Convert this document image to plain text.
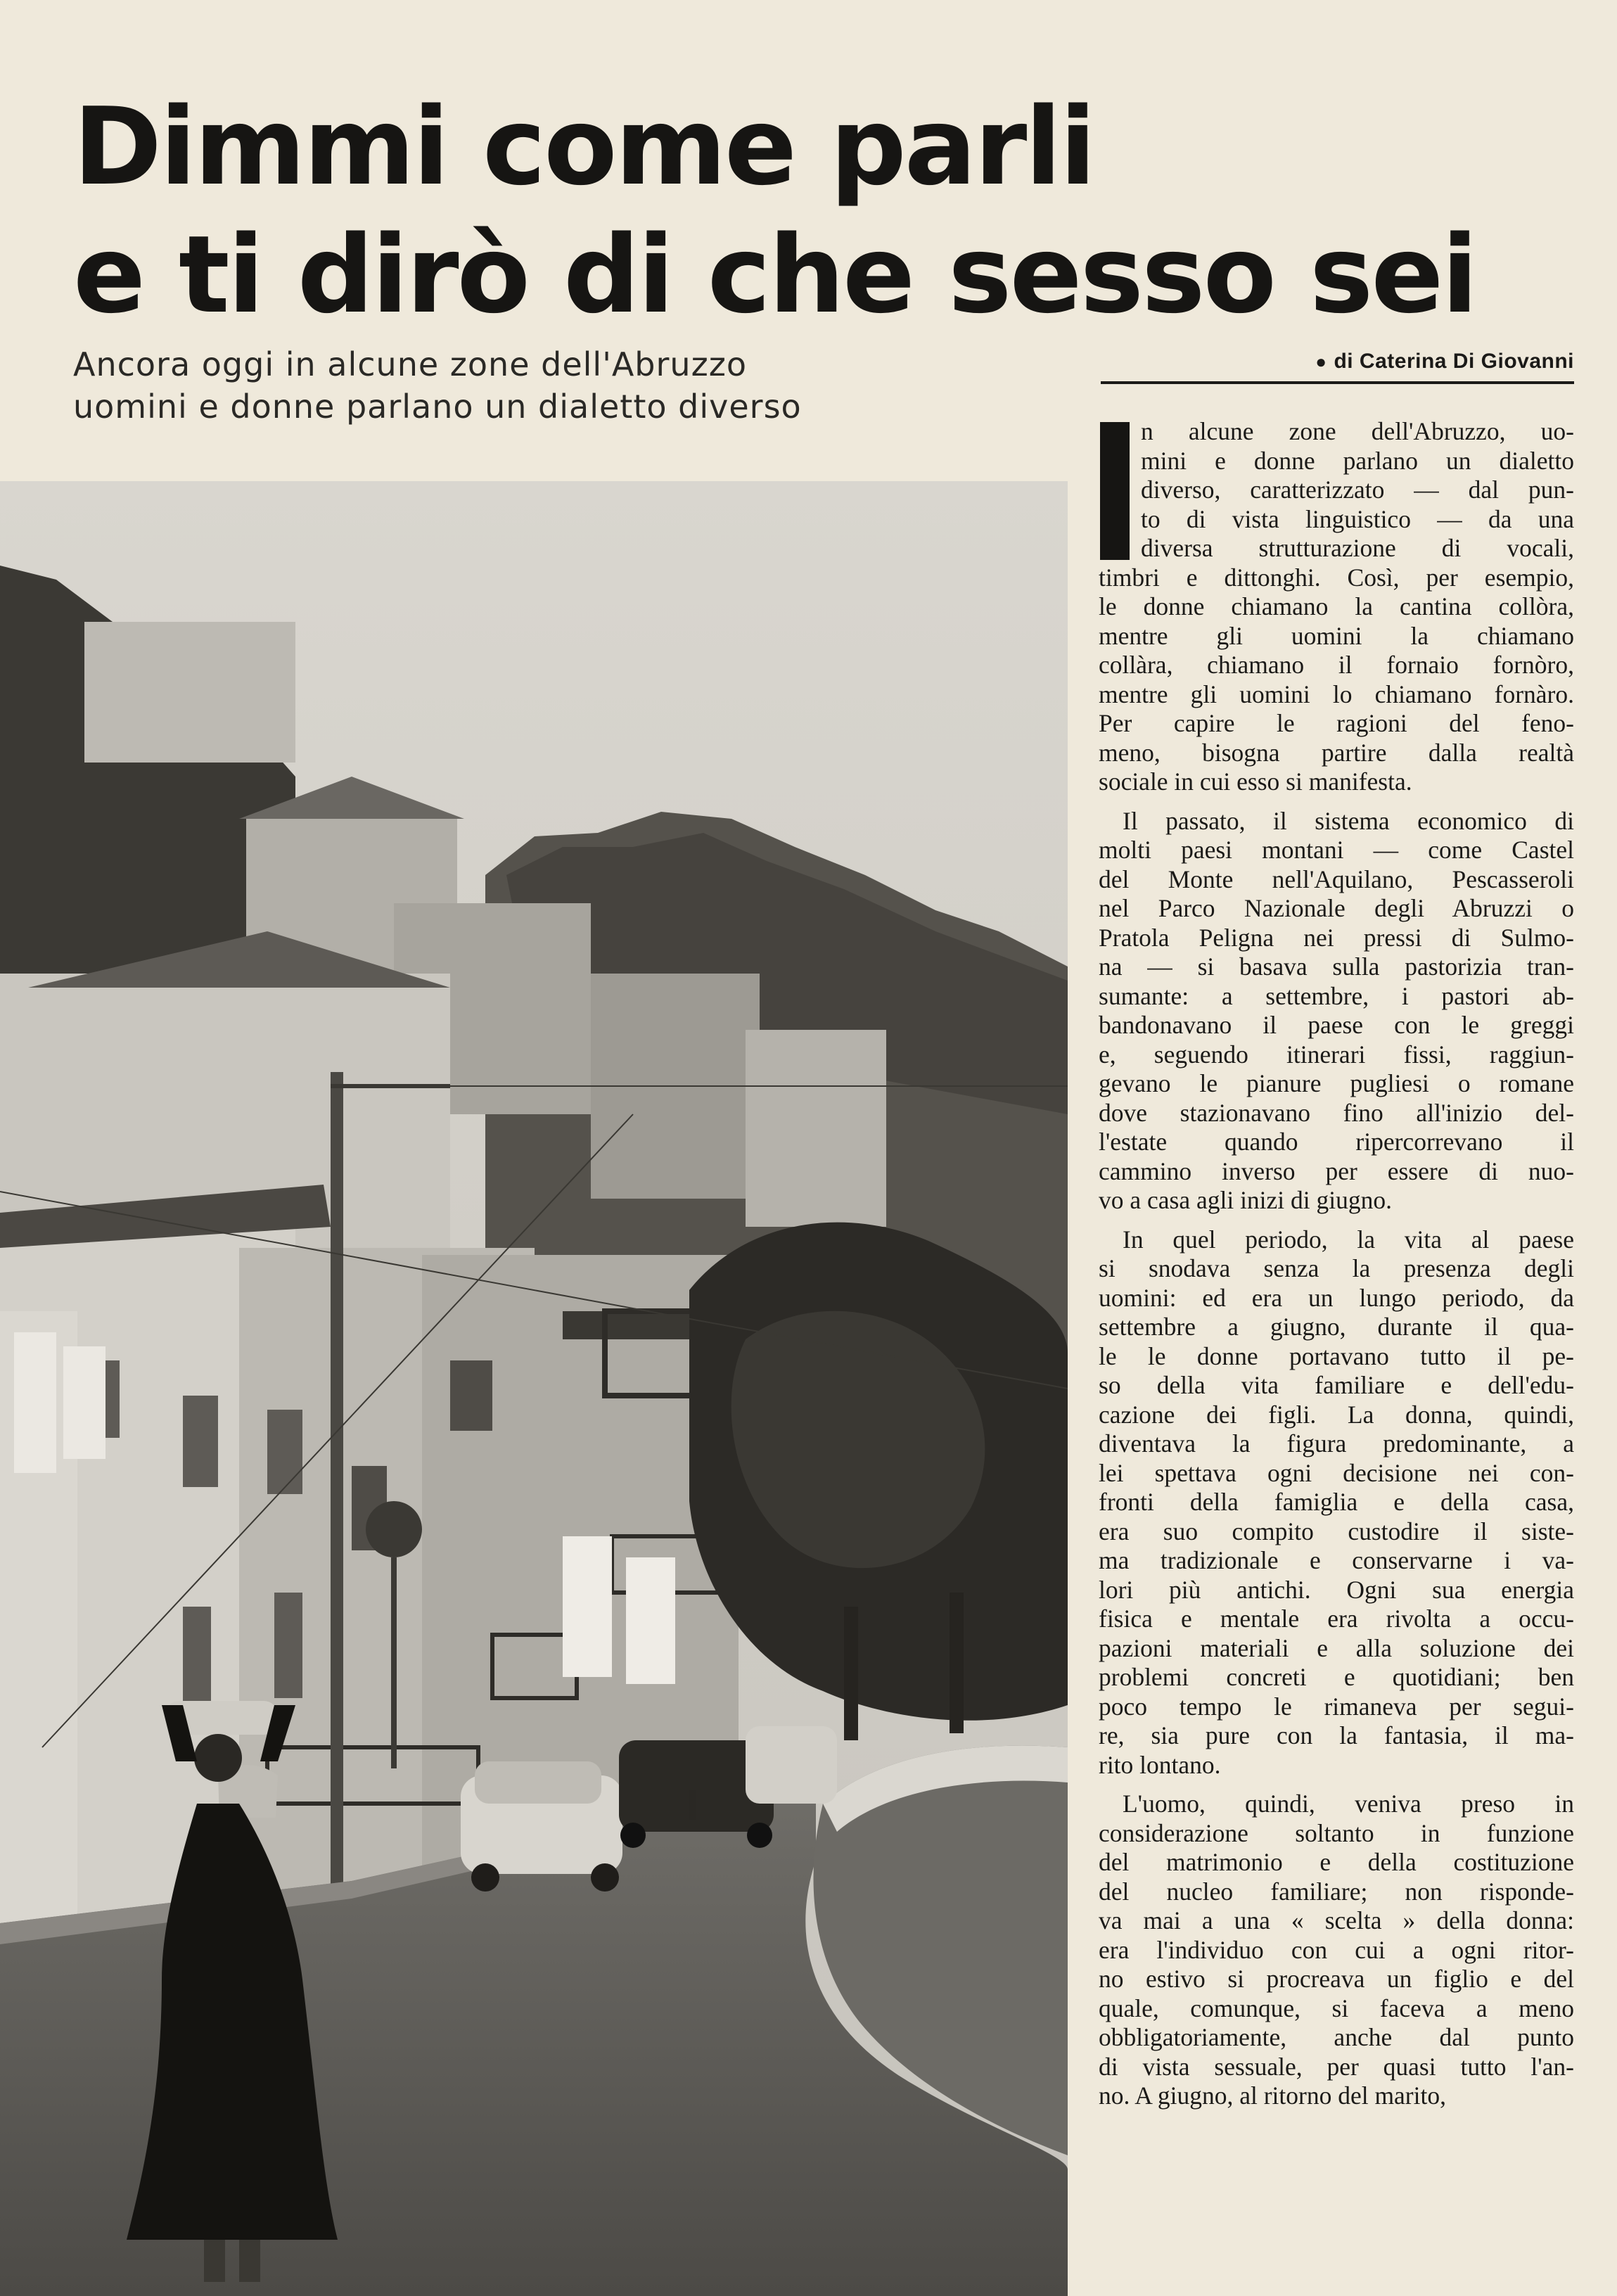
Dimmi come parli
e ti dirò di che sesso sei

Ancora oggi in alcune zone dell'Abruzzo
uomini e donne parlano un dialetto diverso

● di Caterina Di Giovanni

n alcune zone dell'Abruzzo, uo-
mini e donne parlano un dialetto
diverso, caratterizzato — dal pun-
to di vista linguistico — da una
diversa strutturazione di vocali,
timbri e dittonghi. Così, per esempio,
le donne chiamano la cantina collòra,
mentre gli uomini la chiamano
collàra, chiamano il fornaio fornòro,
mentre gli uomini lo chiamano fornàro.
Per capire le ragioni del feno-
meno, bisogna partire dalla realtà
sociale in cui esso si manifesta.

Il passato, il sistema economico di
molti paesi montani — come Castel
del Monte nell'Aquilano, Pescasseroli
nel Parco Nazionale degli Abruzzi o
Pratola Peligna nei pressi di Sulmo-
na — si basava sulla pastorizia tran-
sumante: a settembre, i pastori ab-
bandonavano il paese con le greggi
e, seguendo itinerari fissi, raggiun-
gevano le pianure pugliesi o romane
dove stazionavano fino all'inizio del-
l'estate quando ripercorrevano il
cammino inverso per essere di nuo-
vo a casa agli inizi di giugno.

In quel periodo, la vita al paese
si snodava senza la presenza degli
uomini: ed era un lungo periodo, da
settembre a giugno, durante il qua-
le le donne portavano tutto il pe-
so della vita familiare e dell'edu-
cazione dei figli. La donna, quindi,
diventava la figura predominante, a
lei spettava ogni decisione nei con-
fronti della famiglia e della casa,
era suo compito custodire il siste-
ma tradizionale e conservarne i va-
lori più antichi. Ogni sua energia
fisica e mentale era rivolta a occu-
pazioni materiali e alla soluzione dei
problemi concreti e quotidiani; ben
poco tempo le rimaneva per segui-
re, sia pure con la fantasia, il ma-
rito lontano.

L'uomo, quindi, veniva preso in
considerazione soltanto in funzione
del matrimonio e della costituzione
del nucleo familiare; non risponde-
va mai a una « scelta » della donna:
era l'individuo con cui a ogni ritor-
no estivo si procreava un figlio e del
quale, comunque, si faceva a meno
obbligatoriamente, anche dal punto
di vista sessuale, per quasi tutto l'an-
no. A giugno, al ritorno del marito,
